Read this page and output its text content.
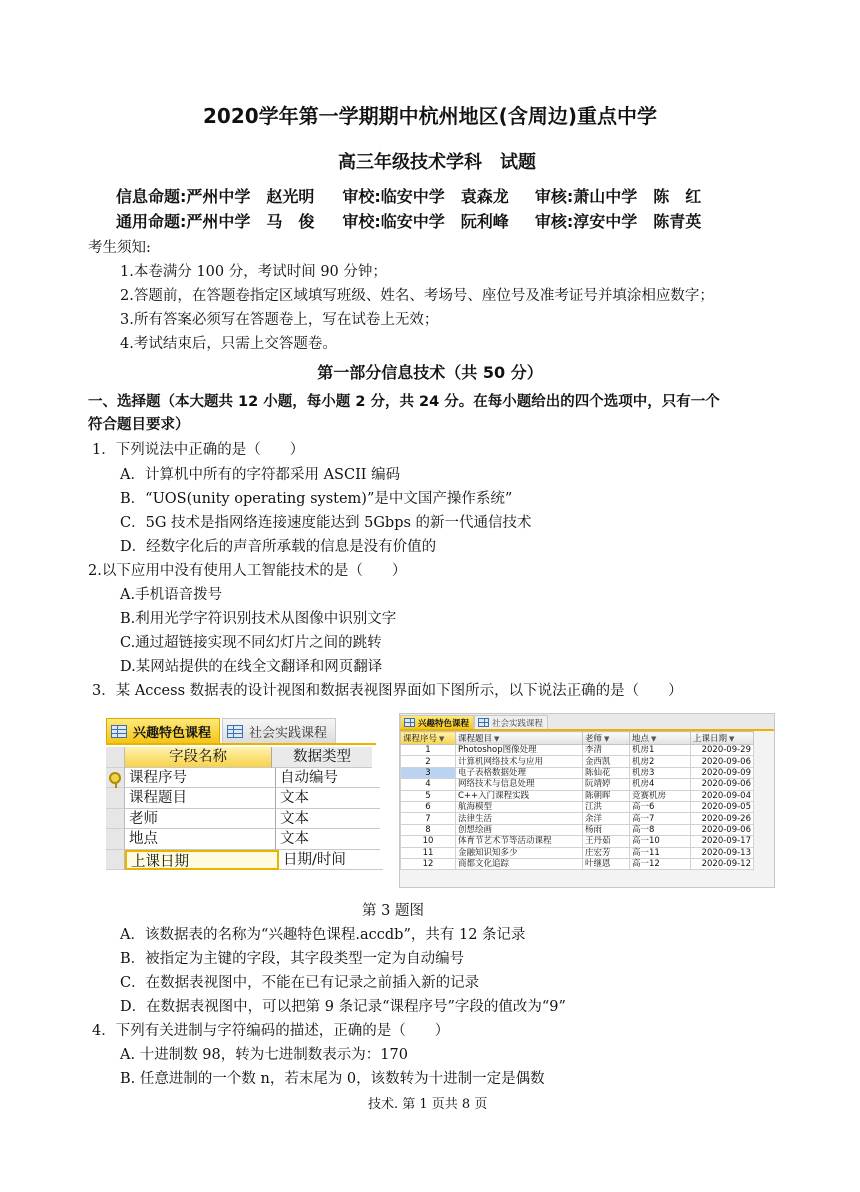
2020学年第一学期期中杭州地区(含周边)重点中学
高三年级技术学科　试题
信息命题:严州中学　赵光明 审校:临安中学　袁森龙 审核:萧山中学　陈　红
通用命题:严州中学　马　俊 审校:临安中学　阮利峰 审核:淳安中学　陈青英
考生须知:
1.本卷满分 100 分，考试时间 90 分钟；
2.答题前，在答题卷指定区域填写班级、姓名、考场号、座位号及准考证号并填涂相应数字；
3.所有答案必须写在答题卷上，写在试卷上无效；
4.考试结束后，只需上交答题卷。
第一部分信息技术（共 50 分）
一、选择题（本大题共 12 小题，每小题 2 分，共 24 分。在每小题给出的四个选项中，只有一个
符合题目要求）
1．下列说法中正确的是（　　）
A．计算机中所有的字符都采用 ASCII 编码
B．“UOS(unity operating system)”是中文国产操作系统”
C．5G 技术是指网络连接速度能达到 5Gbps 的新一代通信技术
D．经数字化后的声音所承载的信息是没有价值的
2.以下应用中没有使用人工智能技术的是（　　）
A.手机语音拨号
B.利用光学字符识别技术从图像中识别文字
C.通过超链接实现不同幻灯片之间的跳转
D.某网站提供的在线全文翻译和网页翻译
3．某 Access 数据表的设计视图和数据表视图界面如下图所示，以下说法正确的是（　　）
兴趣特色课程	社会实践课程
字段名称	数据类型
课程序号	自动编号
课程题目	文本
老师	文本
地点	文本
上课日期	日期/时间
兴趣特色课程	社会实践课程
课程序号 ▼	课程题目 ▼	老师 ▼	地点 ▼	上课日期 ▼
1	Photoshop图像处理	李清	机房1	2020-09-29
2	计算机网络技术与应用	金西凯	机房2	2020-09-06
3	电子表格数据处理	陈仙花	机房3	2020-09-09
4	网络技术与信息处理	阮靖婷	机房4	2020-09-06
5	C++入门课程实践	陈朝晖	竞赛机房	2020-09-04
6	航海模型	江洪	高一6	2020-09-05
7	法律生活	余洋	高一7	2020-09-26
8	创想绘画	杨雨	高一8	2020-09-06
10	体育节艺术节等活动课程	王丹茹	高一10	2020-09-17
11	金融知识知多少	庄宏芳	高一11	2020-09-13
12	商都文化追踪	叶继恩	高一12	2020-09-12
第 3 题图
A．该数据表的名称为“兴趣特色课程.accdb”，共有 12 条记录
B．被指定为主键的字段，其字段类型一定为自动编号
C．在数据表视图中，不能在已有记录之前插入新的记录
D．在数据表视图中，可以把第 9 条记录“课程序号”字段的值改为“9”
4．下列有关进制与字符编码的描述，正确的是（　　）
A. 十进制数 98，转为七进制数表示为：170
B. 任意进制的一个数 n，若末尾为 0，该数转为十进制一定是偶数
技术. 第 1 页共 8 页
